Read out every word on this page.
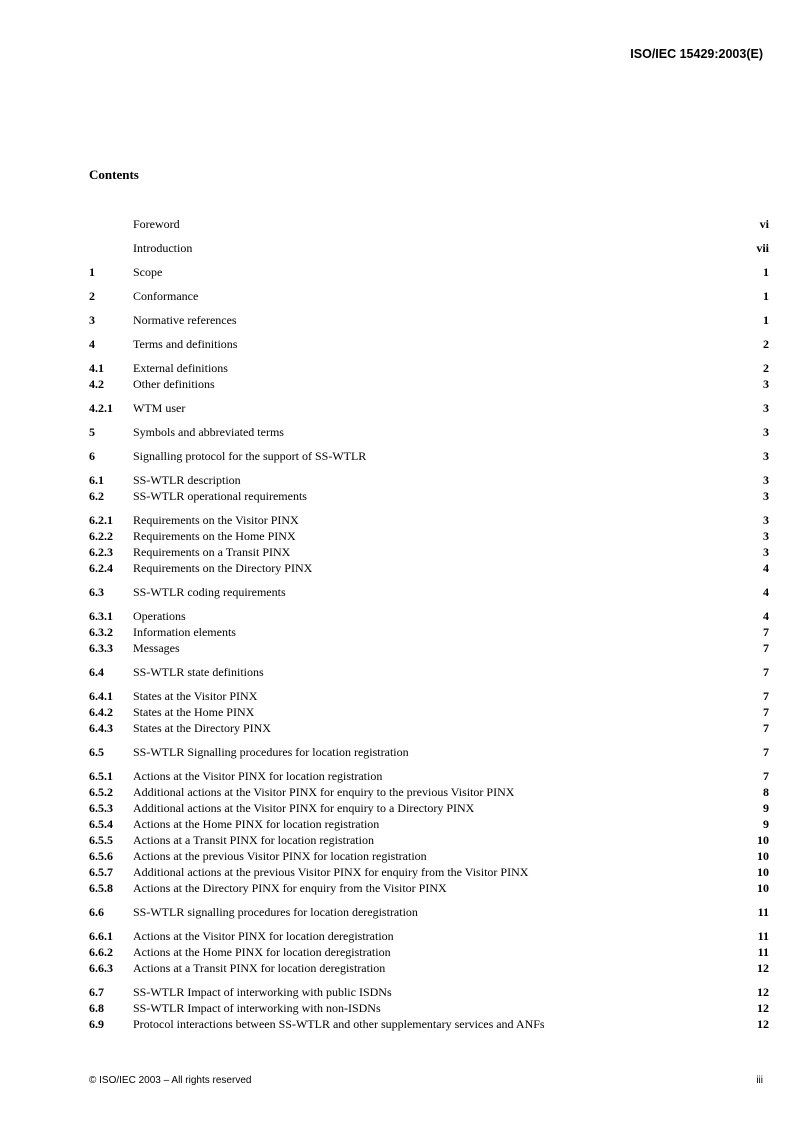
ISO/IEC 15429:2003(E)
Contents
Foreword	vi
Introduction	vii
1	Scope	1
2	Conformance	1
3	Normative references	1
4	Terms and definitions	2
4.1	External definitions	2
4.2	Other definitions	3
4.2.1	WTM user	3
5	Symbols and abbreviated terms	3
6	Signalling protocol for the support of SS-WTLR	3
6.1	SS-WTLR description	3
6.2	SS-WTLR operational requirements	3
6.2.1	Requirements on the Visitor PINX	3
6.2.2	Requirements on the Home PINX	3
6.2.3	Requirements on a Transit PINX	3
6.2.4	Requirements on the Directory PINX	4
6.3	SS-WTLR coding requirements	4
6.3.1	Operations	4
6.3.2	Information elements	7
6.3.3	Messages	7
6.4	SS-WTLR state definitions	7
6.4.1	States at the Visitor PINX	7
6.4.2	States at the Home PINX	7
6.4.3	States at the Directory PINX	7
6.5	SS-WTLR Signalling procedures for location registration	7
6.5.1	Actions at the Visitor PINX for location registration	7
6.5.2	Additional actions at the Visitor PINX for enquiry to the previous Visitor PINX	8
6.5.3	Additional actions at the Visitor PINX for enquiry to a Directory PINX	9
6.5.4	Actions at the Home PINX for location registration	9
6.5.5	Actions at a Transit PINX for location registration	10
6.5.6	Actions at the previous Visitor PINX for location registration	10
6.5.7	Additional actions at the previous Visitor PINX for enquiry from the Visitor PINX	10
6.5.8	Actions at the Directory PINX for enquiry from the Visitor PINX	10
6.6	SS-WTLR signalling procedures for location deregistration	11
6.6.1	Actions at the Visitor PINX for location deregistration	11
6.6.2	Actions at the Home PINX for location deregistration	11
6.6.3	Actions at a Transit PINX for location deregistration	12
6.7	SS-WTLR Impact of interworking with public ISDNs	12
6.8	SS-WTLR Impact of interworking with non-ISDNs	12
6.9	Protocol interactions between SS-WTLR and other supplementary services and ANFs	12
© ISO/IEC 2003 – All rights reserved	iii
